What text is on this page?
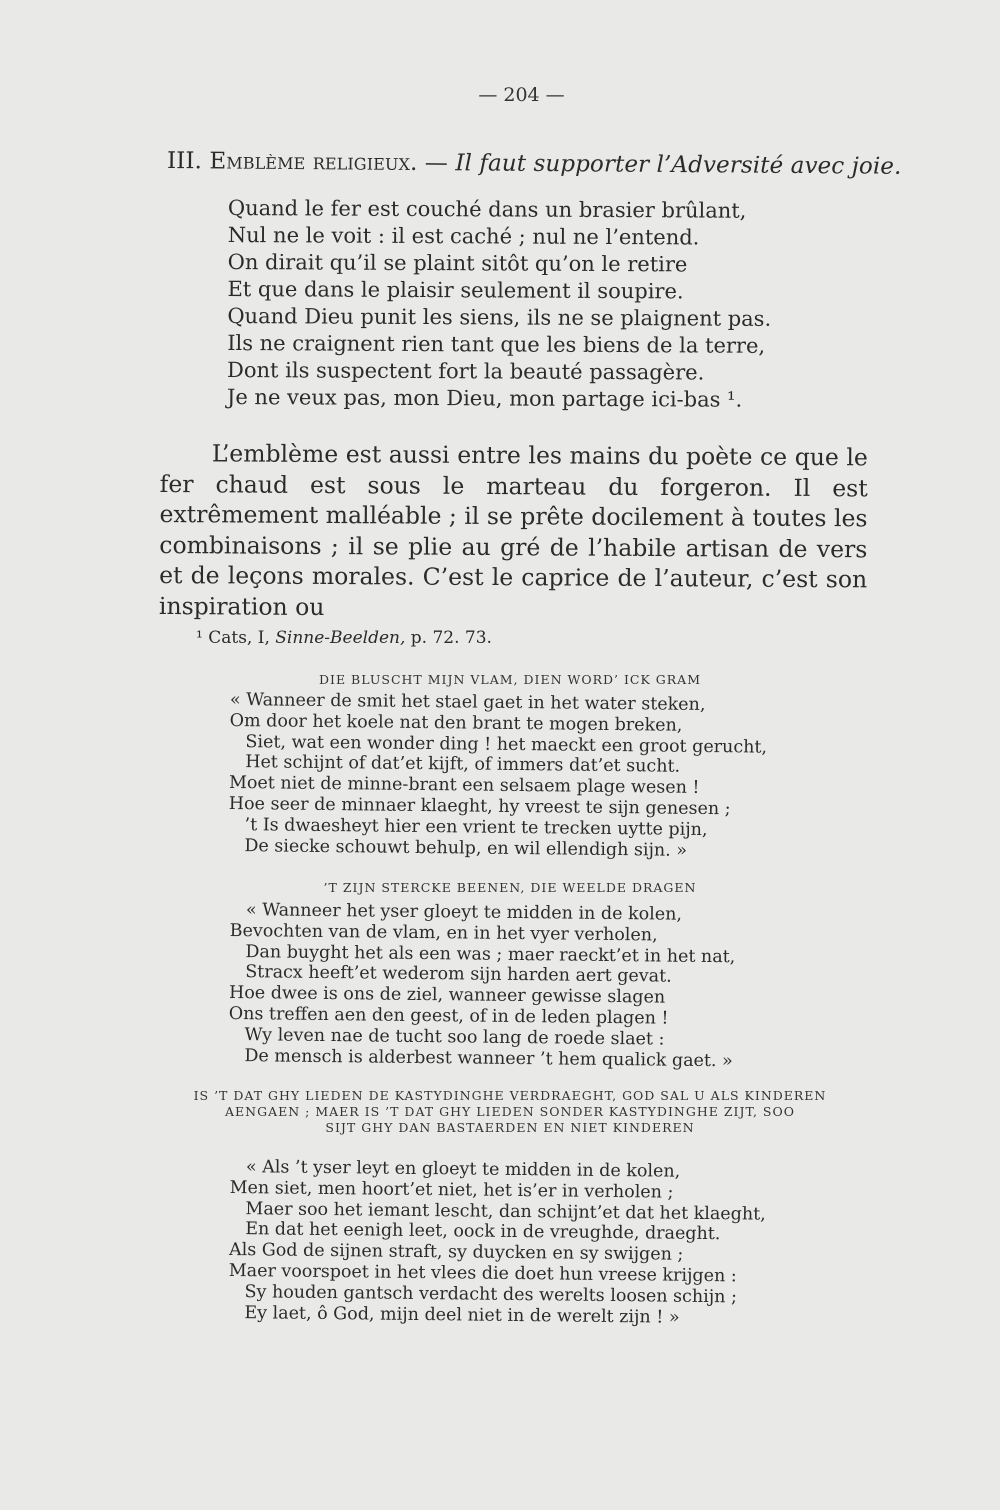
— 204 —
III. Emblème religieux. — Il faut supporter l’Adversité avec joie.
Quand le fer est couché dans un brasier brûlant,
Nul ne le voit : il est caché ; nul ne l’entend.
On dirait qu’il se plaint sitôt qu’on le retire
Et que dans le plaisir seulement il soupire.
Quand Dieu punit les siens, ils ne se plaignent pas.
Ils ne craignent rien tant que les biens de la terre,
Dont ils suspectent fort la beauté passagère.
Je ne veux pas, mon Dieu, mon partage ici-bas ¹.
L’emblème est aussi entre les mains du poète ce que le fer chaud est sous le marteau du forgeron. Il est extrêmement malléable ; il se prête docilement à toutes les combinaisons ; il se plie au gré de l’habile artisan de vers et de leçons morales. C’est le caprice de l’auteur, c’est son inspiration ou
¹ Cats, I, Sinne-Beelden, p. 72. 73.
DIE BLUSCHT MIJN VLAM, DIEN WORD’ ICK GRAM
« Wanneer de smit het stael gaet in het water steken,
Om door het koele nat den brant te mogen breken,
Siet, wat een wonder ding ! het maeckt een groot gerucht,
Het schijnt of dat’et kijft, of immers dat’et sucht.
Moet niet de minne-brant een selsaem plage wesen !
Hoe seer de minnaer klaeght, hy vreest te sijn genesen ;
’t Is dwaesheyt hier een vrient te trecken uytte pijn,
De siecke schouwt behulp, en wil ellendigh sijn. »
’T ZIJN STERCKE BEENEN, DIE WEELDE DRAGEN
« Wanneer het yser gloeyt te midden in de kolen,
Bevochten van de vlam, en in het vyer verholen,
Dan buyght het als een was ; maer raeckt’et in het nat,
Stracx heeft’et wederom sijn harden aert gevat.
Hoe dwee is ons de ziel, wanneer gewisse slagen
Ons treffen aen den geest, of in de leden plagen !
Wy leven nae de tucht soo lang de roede slaet :
De mensch is alderbest wanneer ’t hem qualick gaet. »
IS ’T DAT GHY LIEDEN DE KASTYDINGHE VERDRAEGHT, GOD SAL U ALS KINDEREN
AENGAEN ; MAER IS ’T DAT GHY LIEDEN SONDER KASTYDINGHE ZIJT, SOO
SIJT GHY DAN BASTAERDEN EN NIET KINDEREN
« Als ’t yser leyt en gloeyt te midden in de kolen,
Men siet, men hoort’et niet, het is’er in verholen ;
Maer soo het iemant lescht, dan schijnt’et dat het klaeght,
En dat het eenigh leet, oock in de vreughde, draeght.
Als God de sijnen straft, sy duycken en sy swijgen ;
Maer voorspoet in het vlees die doet hun vreese krijgen :
Sy houden gantsch verdacht des werelts loosen schijn ;
Ey laet, ô God, mijn deel niet in de werelt zijn ! »
